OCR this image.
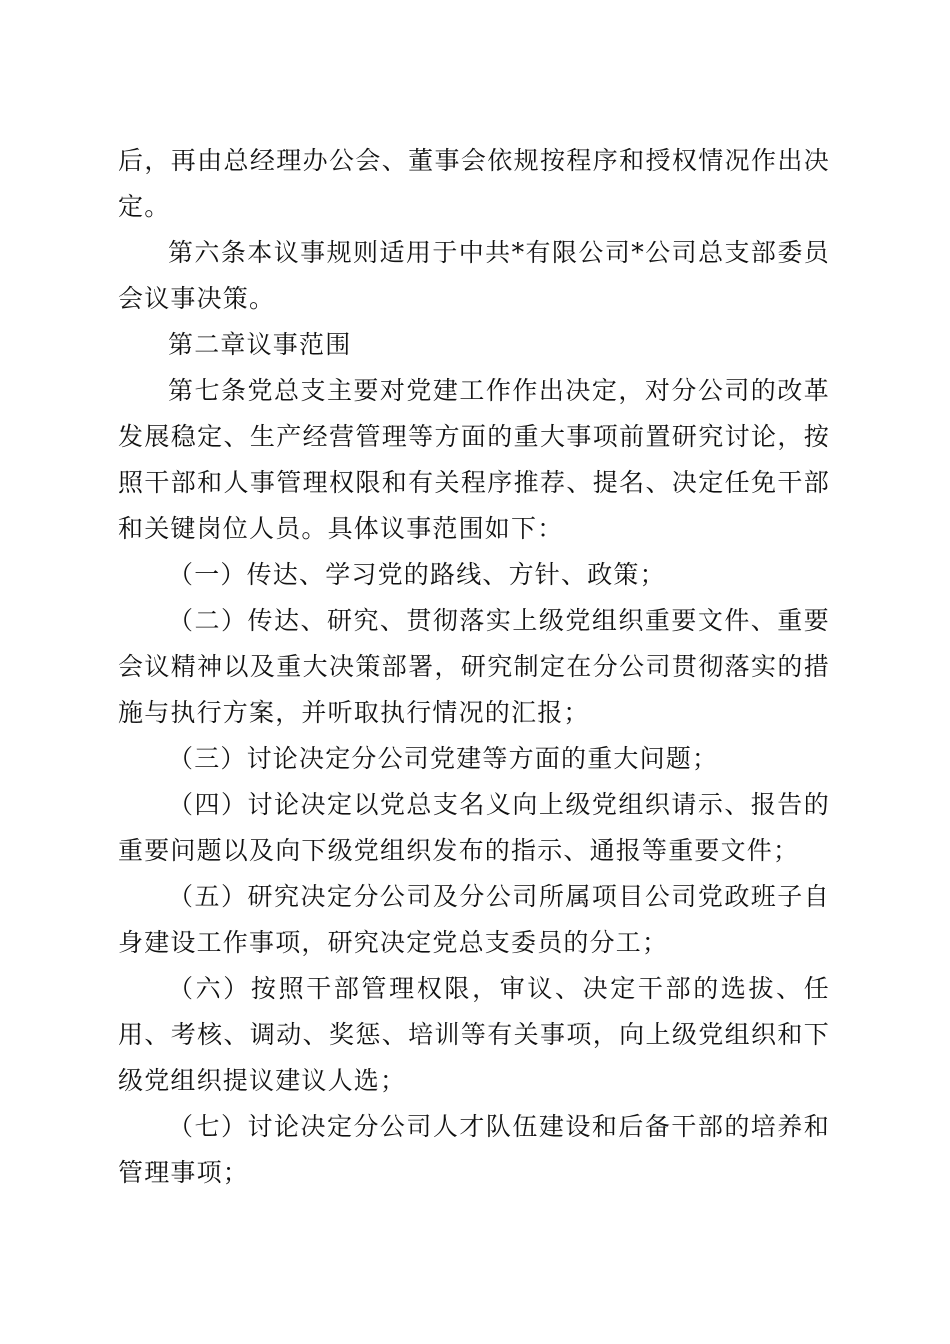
后，再由总经理办公会、董事会依规按程序和授权情况作出决定。

第六条本议事规则适用于中共*有限公司*公司总支部委员会议事决策。

第二章议事范围

第七条党总支主要对党建工作作出决定，对分公司的改革发展稳定、生产经营管理等方面的重大事项前置研究讨论，按照干部和人事管理权限和有关程序推荐、提名、决定任免干部和关键岗位人员。具体议事范围如下：

（一）传达、学习党的路线、方针、政策；

（二）传达、研究、贯彻落实上级党组织重要文件、重要会议精神以及重大决策部署，研究制定在分公司贯彻落实的措施与执行方案，并听取执行情况的汇报；

（三）讨论决定分公司党建等方面的重大问题；

（四）讨论决定以党总支名义向上级党组织请示、报告的重要问题以及向下级党组织发布的指示、通报等重要文件；

（五）研究决定分公司及分公司所属项目公司党政班子自身建设工作事项，研究决定党总支委员的分工；

（六）按照干部管理权限，审议、决定干部的选拔、任用、考核、调动、奖惩、培训等有关事项，向上级党组织和下级党组织提议建议人选；

（七）讨论决定分公司人才队伍建设和后备干部的培养和管理事项；
